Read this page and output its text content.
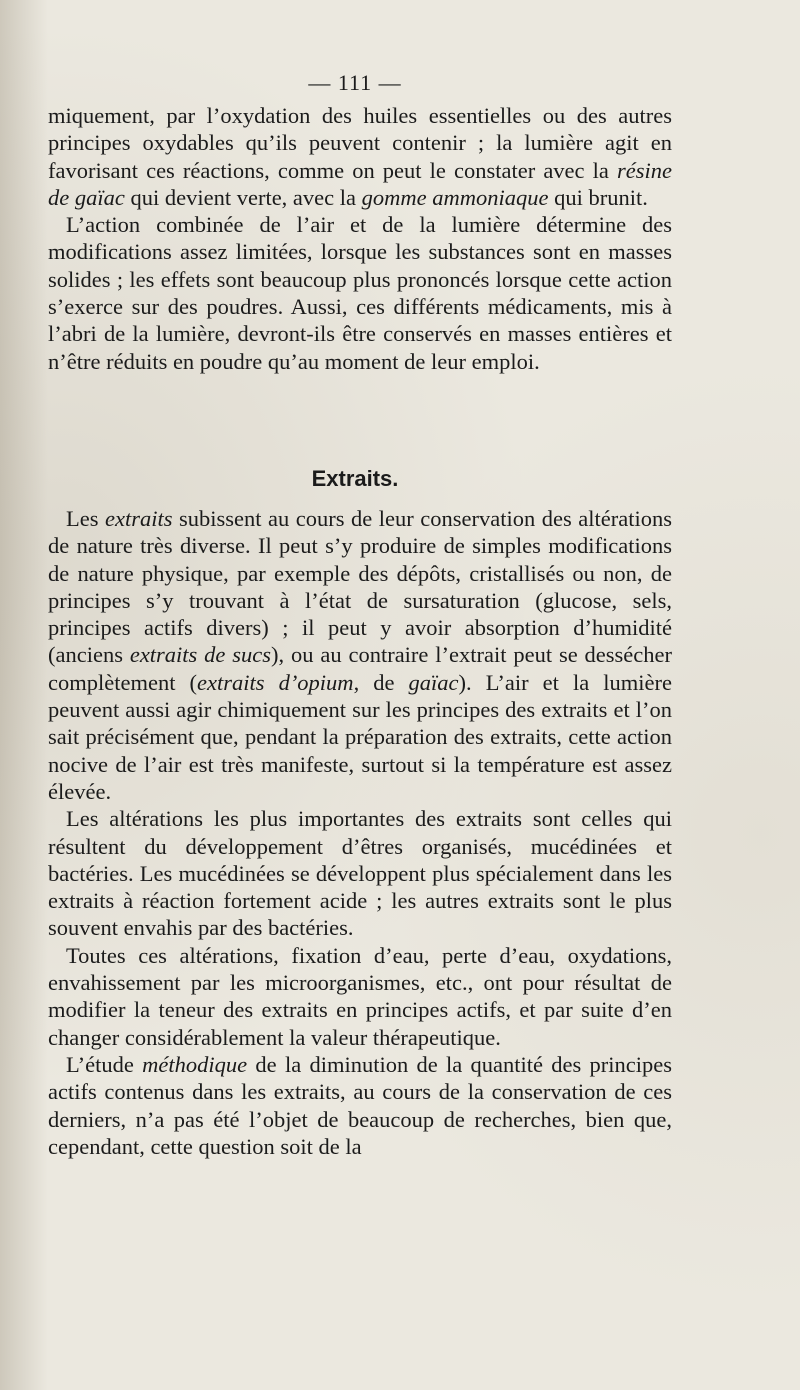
— 111 —

miquement, par l’oxydation des huiles essentielles ou des autres principes oxydables qu’ils peuvent contenir ; la lumière agit en favorisant ces réactions, comme on peut le constater avec la résine de gaïac qui devient verte, avec la gomme ammoniaque qui brunit.

L’action combinée de l’air et de la lumière détermine des modifications assez limitées, lorsque les substances sont en masses solides ; les effets sont beaucoup plus prononcés lorsque cette action s’exerce sur des poudres. Aussi, ces différents médicaments, mis à l’abri de la lumière, devront-ils être conservés en masses entières et n’être réduits en poudre qu’au moment de leur emploi.

Extraits.

Les extraits subissent au cours de leur conservation des altérations de nature très diverse. Il peut s’y produire de simples modifications de nature physique, par exemple des dépôts, cristallisés ou non, de principes s’y trouvant à l’état de sursaturation (glucose, sels, principes actifs divers) ; il peut y avoir absorption d’humidité (anciens extraits de sucs), ou au contraire l’extrait peut se dessécher complètement (extraits d’opium, de gaïac). L’air et la lumière peuvent aussi agir chimiquement sur les principes des extraits et l’on sait précisément que, pendant la préparation des extraits, cette action nocive de l’air est très manifeste, surtout si la température est assez élevée.

Les altérations les plus importantes des extraits sont celles qui résultent du développement d’êtres organisés, mucédinées et bactéries. Les mucédinées se développent plus spécialement dans les extraits à réaction fortement acide ; les autres extraits sont le plus souvent envahis par des bactéries.

Toutes ces altérations, fixation d’eau, perte d’eau, oxydations, envahissement par les microorganismes, etc., ont pour résultat de modifier la teneur des extraits en principes actifs, et par suite d’en changer considérablement la valeur thérapeutique.

L’étude méthodique de la diminution de la quantité des principes actifs contenus dans les extraits, au cours de la conservation de ces derniers, n’a pas été l’objet de beaucoup de recherches, bien que, cependant, cette question soit de la
